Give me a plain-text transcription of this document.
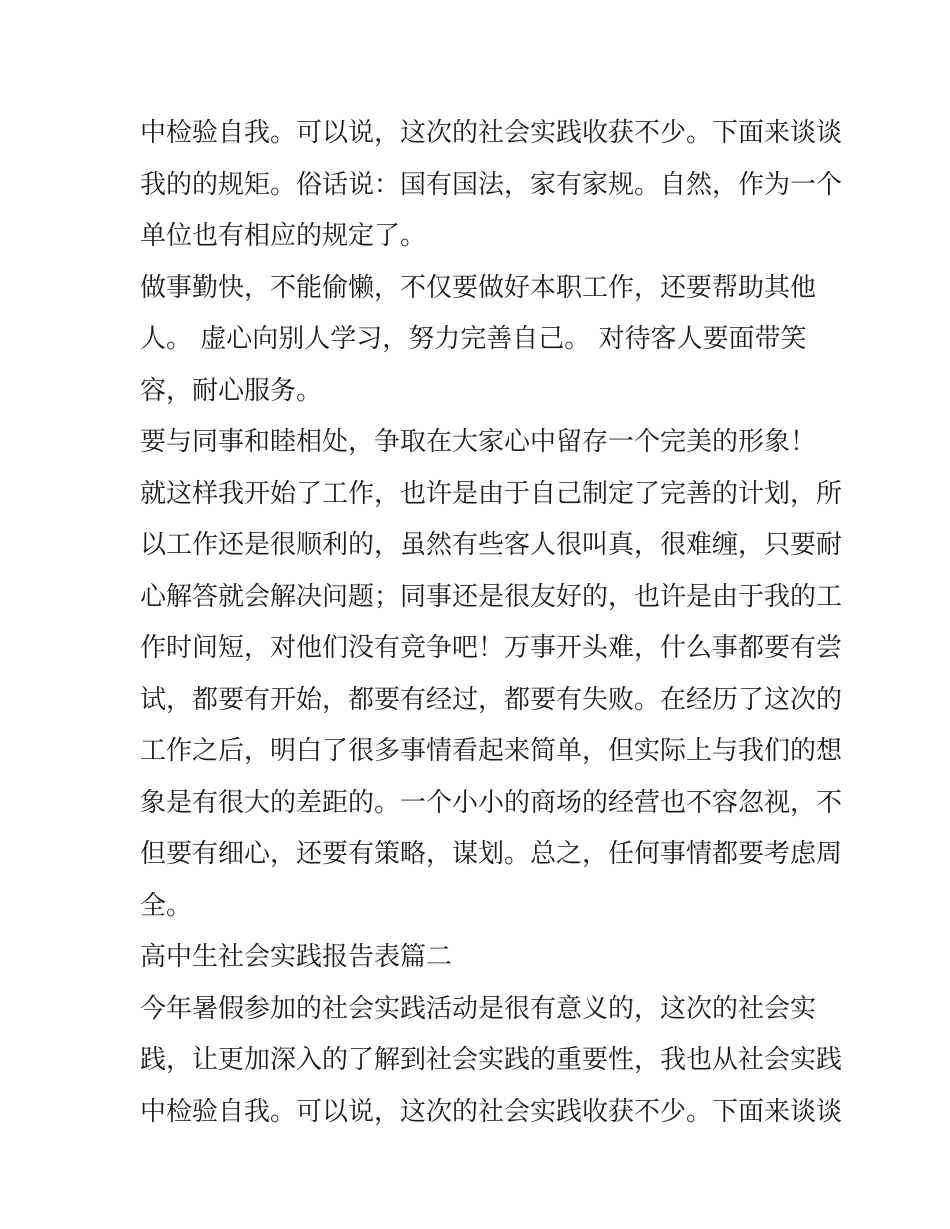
中检验自我。可以说，这次的社会实践收获不少。下面来谈谈
我的的规矩。俗话说：国有国法，家有家规。自然，作为一个
单位也有相应的规定了。
做事勤快，不能偷懒，不仅要做好本职工作，还要帮助其他
人。 虚心向别人学习，努力完善自己。 对待客人要面带笑
容，耐心服务。
要与同事和睦相处，争取在大家心中留存一个完美的形象！
就这样我开始了工作，也许是由于自己制定了完善的计划，所
以工作还是很顺利的，虽然有些客人很叫真，很难缠，只要耐
心解答就会解决问题；同事还是很友好的，也许是由于我的工
作时间短，对他们没有竞争吧！万事开头难，什么事都要有尝
试，都要有开始，都要有经过，都要有失败。在经历了这次的
工作之后，明白了很多事情看起来简单，但实际上与我们的想
象是有很大的差距的。一个小小的商场的经营也不容忽视，不
但要有细心，还要有策略，谋划。总之，任何事情都要考虑周
全。
高中生社会实践报告表篇二
今年暑假参加的社会实践活动是很有意义的，这次的社会实
践，让更加深入的了解到社会实践的重要性，我也从社会实践
中检验自我。可以说，这次的社会实践收获不少。下面来谈谈
